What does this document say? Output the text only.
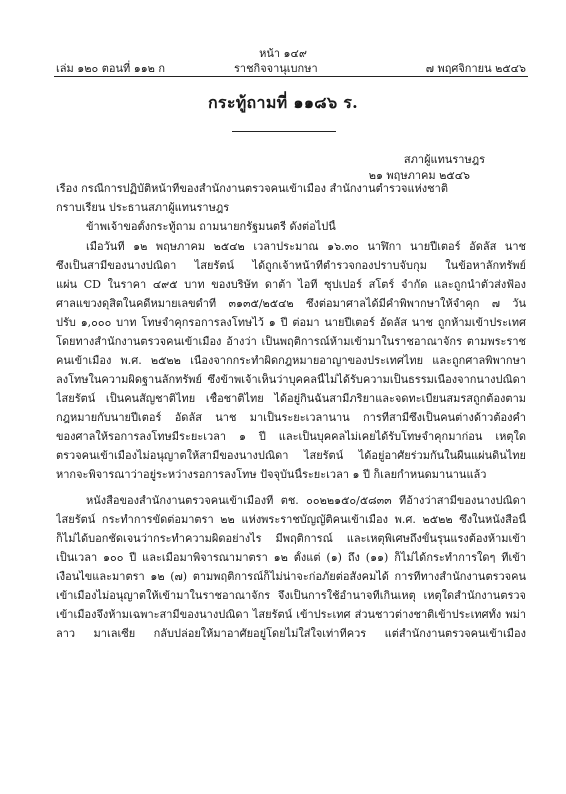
หน้า ๑๔๙
เล่ม ๑๒๐ ตอนที่ ๑๑๒ ก	ราชกิจจานุเบกษา	๗ พฤศจิกายน ๒๕๔๖
กระทู้ถามที่ ๑๑๘๖ ร.
สภาผู้แทนราษฎร
๒๑ พฤษภาคม ๒๕๔๖
เรื่อง กรณีการปฏิบัติหน้าที่ของสำนักงานตรวจคนเข้าเมือง สำนักงานตำรวจแห่งชาติ
กราบเรียน ประธานสภาผู้แทนราษฎร
ข้าพเจ้าขอตั้งกระทู้ถาม ถามนายกรัฐมนตรี ดังต่อไปนี้
เมื่อวันที่ ๑๒ พฤษภาคม ๒๕๔๒ เวลาประมาณ ๑๖.๓๐ นาฬิกา นายปีเตอร์ อัดลัส นาช
ซึ่งเป็นสามีของนางปณิดา ไสยรัตน์ ได้ถูกเจ้าหน้าที่ตำรวจกองปราบจับกุม ในข้อหาลักทรัพย์
แผ่น CD ในราคา ๔๙๕ บาท ของบริษัท ดาต้า ไอที ซุปเปอร์ สโตร์ จำกัด และถูกนำตัวส่งฟ้อง
ศาลแขวงดุสิตในคดีหมายเลขดำที่ ๓๑๓๕/๒๕๔๒ ซึ่งต่อมาศาลได้มีคำพิพากษาให้จำคุก ๗ วัน
ปรับ ๑,๐๐๐ บาท โทษจำคุกรอการลงโทษไว้ ๑ ปี ต่อมา นายปีเตอร์ อัดลัส นาช ถูกห้ามเข้าประเทศ
โดยทางสำนักงานตรวจคนเข้าเมือง อ้างว่า เป็นพฤติการณ์ห้ามเข้ามาในราชอาณาจักร ตามพระราช
คนเข้าเมือง พ.ศ. ๒๕๒๒ เนื่องจากกระทำผิดกฎหมายอาญาของประเทศไทย และถูกศาลพิพากษา
ลงโทษในความผิดฐานลักทรัพย์ ซึ่งข้าพเจ้าเห็นว่าบุคคลนี้ไม่ได้รับความเป็นธรรมเนื่องจากนางปณิดา
ไสยรัตน์ เป็นคนสัญชาติไทย เชื้อชาติไทย ได้อยู่กินฉันสามีภริยาและจดทะเบียนสมรสถูกต้องตาม
กฎหมายกับนายปีเตอร์ อัดลัส นาช มาเป็นระยะเวลานาน การที่สามีซึ่งเป็นคนต่างด้าวต้องคำ
ของศาลให้รอการลงโทษมีระยะเวลา ๑ ปี และเป็นบุคคลไม่เคยได้รับโทษจำคุกมาก่อน เหตุใด
ตรวจคนเข้าเมืองไม่อนุญาตให้สามีของนางปณิดา ไสยรัตน์ ได้อยู่อาศัยร่วมกันในผืนแผ่นดินไทย
หากจะพิจารณาว่าอยู่ระหว่างรอการลงโทษ ปัจจุบันนี้ระยะเวลา ๑ ปี ก็เลยกำหนดมานานแล้ว
หนังสือของสำนักงานตรวจคนเข้าเมืองที่ ตช. ๐๐๒๒๑๕๐/๕๘๓๓ ที่อ้างว่าสามีของนางปณิดา
ไสยรัตน์ กระทำการขัดต่อมาตรา ๒๒ แห่งพระราชบัญญัติคนเข้าเมือง พ.ศ. ๒๕๒๒ ซึ่งในหนังสือนี้
ก็ไม่ได้บอกชัดเจนว่ากระทำความผิดอย่างไร มีพฤติการณ์ และเหตุพิเศษถึงขั้นรุนแรงต้องห้ามเข้า
เป็นเวลา ๑๐๐ ปี และเมื่อมาพิจารณามาตรา ๑๒ ตั้งแต่ (๑) ถึง (๑๑) ก็ไม่ได้กระทำการใดๆ ที่เข้า
เงื่อนไขและมาตรา ๑๒ (๗) ตามพฤติการณ์ก็ไม่น่าจะก่อภัยต่อสังคมได้ การที่ทางสำนักงานตรวจคน
เข้าเมืองไม่อนุญาตให้เข้ามาในราชอาณาจักร จึงเป็นการใช้อำนาจที่เกินเหตุ เหตุใดสำนักงานตรวจ
เข้าเมืองจึงห้ามเฉพาะสามีของนางปณิดา ไสยรัตน์ เข้าประเทศ ส่วนชาวต่างชาติเข้าประเทศทั้ง พม่า
ลาว มาเลเซีย กลับปล่อยให้มาอาศัยอยู่โดยไม่ใส่ใจเท่าที่ควร แต่สำนักงานตรวจคนเข้าเมือง
